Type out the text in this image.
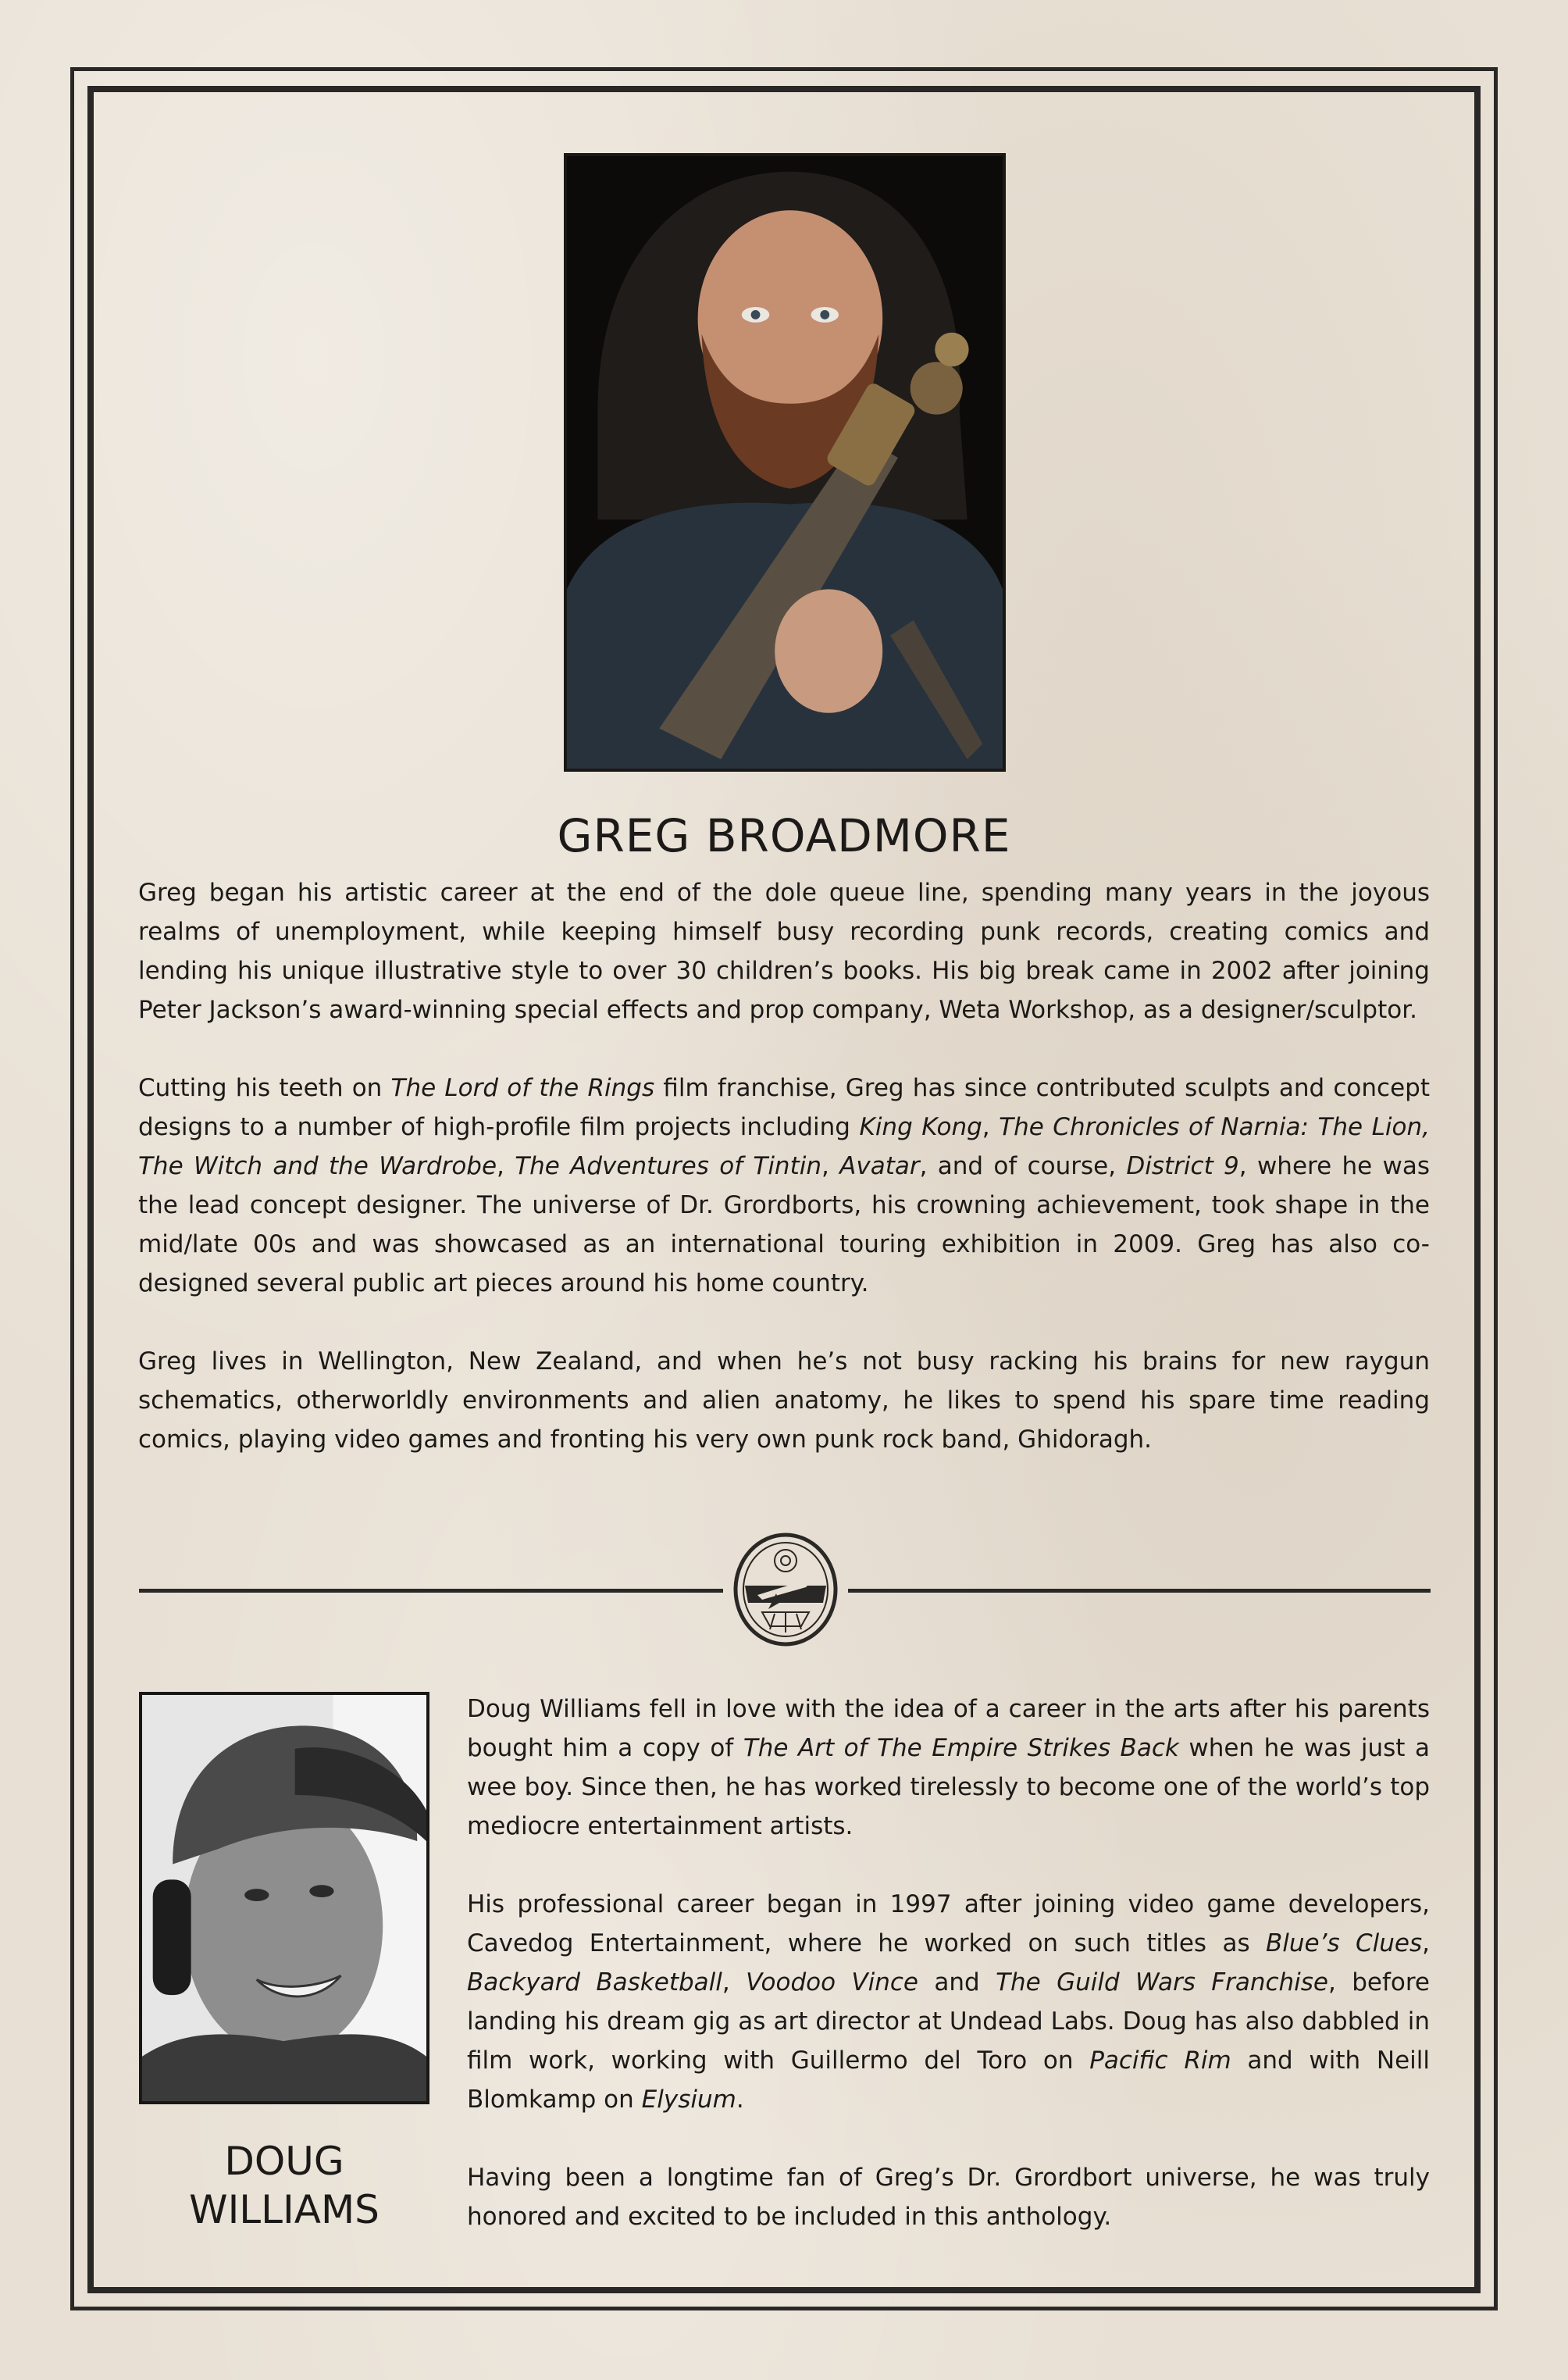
GREG BROADMORE

Greg began his artistic career at the end of the dole queue line, spending many years in the joyous realms of unemployment, while keeping himself busy recording punk records, creating comics and lending his unique illustrative style to over 30 children’s books. His big break came in 2002 after joining Peter Jackson’s award-winning special effects and prop company, Weta Workshop, as a designer/sculptor.

Cutting his teeth on The Lord of the Rings film franchise, Greg has since contributed sculpts and concept designs to a number of high-profile film projects including King Kong, The Chronicles of Narnia: The Lion, The Witch and the Wardrobe, The Adventures of Tintin, Avatar, and of course, District 9, where he was the lead concept designer. The universe of Dr. Grordborts, his crowning achievement, took shape in the mid/late 00s and was showcased as an international touring exhibition in 2009. Greg has also co-designed several public art pieces around his home country.

Greg lives in Wellington, New Zealand, and when he’s not busy racking his brains for new raygun schematics, otherworldly environments and alien anatomy, he likes to spend his spare time reading comics, playing video games and fronting his very own punk rock band, Ghidoragh.

DOUG
WILLIAMS

Doug Williams fell in love with the idea of a career in the arts after his parents bought him a copy of The Art of The Empire Strikes Back when he was just a wee boy. Since then, he has worked tirelessly to become one of the world’s top mediocre entertainment artists.

His professional career began in 1997 after joining video game developers, Cavedog Entertainment, where he worked on such titles as Blue’s Clues, Backyard Basketball, Voodoo Vince and The Guild Wars Franchise, before landing his dream gig as art director at Undead Labs. Doug has also dabbled in film work, working with Guillermo del Toro on Pacific Rim and with Neill Blomkamp on Elysium.

Having been a longtime fan of Greg’s Dr. Grordbort universe, he was truly honored and excited to be included in this anthology.
